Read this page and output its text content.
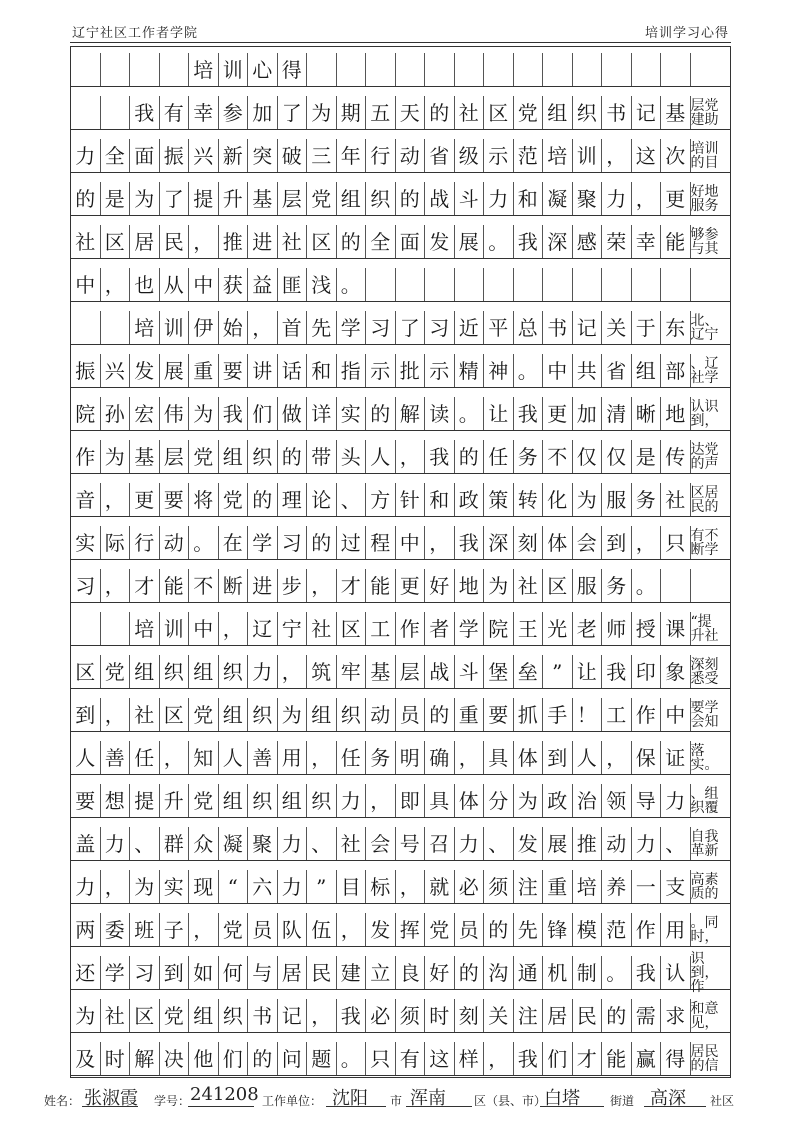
辽宁社区工作者学院	培训学习心得
培 训 心 得
我 有 幸 参 加 了 为 期 五 天 的 社 区 党 组 织 书 记 基 层党建助
力 全 面 振 兴 新 突 破 三 年 行 动 省 级 示 范 培 训 ， 这 次 培训的目
的 是 为 了 提 升 基 层 党 组 织 的 战 斗 力 和 凝 聚 力 ， 更 好地服务
社 区 居 民 ， 推 进 社 区 的 全 面 发 展 。 我 深 感 荣 幸 能 够参与其
中 ， 也 从 中 获 益 匪 浅 。
培 训 伊 始 ， 首 先 学 习 了 习 近 平 总 书 记 关 于 东 北、辽宁
振 兴 发 展 重 要 讲 话 和 指 示 批 示 精 神 。 中 共 省 组 部 、辽社学
院 孙 宏 伟 为 我 们 做 详 实 的 解 读 。 让 我 更 加 清 晰 地 认识到，
作 为 基 层 党 组 织 的 带 头 人 ， 我 的 任 务 不 仅 仅 是 传 达党的声
音 ， 更 要 将 党 的 理 论 、 方 针 和 政 策 转 化 为 服 务 社 区居民的
实 际 行 动 。 在 学 习 的 过 程 中 ， 我 深 刻 体 会 到 ， 只 有不断学
习 ， 才 能 不 断 进 步 ， 才 能 更 好 地 为 社 区 服 务 。
培 训 中 ， 辽 宁 社 区 工 作 者 学 院 王 光 老 师 授 课 “提升社
区 党 组 织 组 织 力 ， 筑 牢 基 层 战 斗 堡 垒 ” 让 我 印 象 深刻悉受
到 ， 社 区 党 组 织 为 组 织 动 员 的 重 要 抓 手 ！ 工 作 中 要学会知
人 善 任 ， 知 人 善 用 ， 任 务 明 确 ， 具 体 到 人 ， 保 证 落实。
要 想 提 升 党 组 织 组 织 力 ， 即 具 体 分 为 政 治 领 导 力 、组织覆
盖 力 、 群 众 凝 聚 力 、 社 会 号 召 力 、 发 展 推 动 力 、 自我革新
力 ， 为 实 现 “ 六 力 ” 目 标 ， 就 必 须 注 重 培 养 一 支 高素质的
两 委 班 子 ， 党 员 队 伍 ， 发 挥 党 员 的 先 锋 模 范 作 用 。同时，
还 学 习 到 如 何 与 居 民 建 立 良 好 的 沟 通 机 制 。 我 认
识到，作
为 社 区 党 组 织 书 记 ， 我 必 须 时 刻 关 注 居 民 的 需 求 和意见，
及 时 解 决 他 们 的 问 题 。 只 有 这 样 ， 我 们 才 能 赢 得 居民的信
姓名： 张淑霞 学号： 241208 工作单位： 沈阳 市 浑南 区（县、市）
白塔	街道 高深 社区
